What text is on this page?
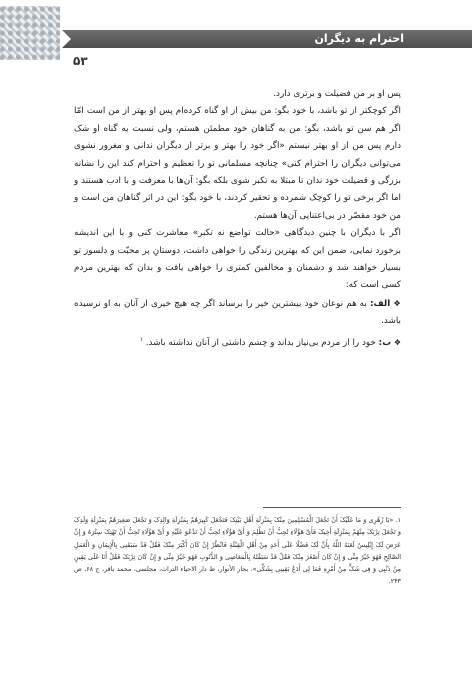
احترام به دیگران
۵۳

پس او بر من فضیلت و برتری دارد.

اگر کوچکتر از تو باشد، با خود بگو: من بیش از او گناه کرده‌ام پس او بهتر از من است امّا اگر هم سن تو باشد، بگو: من به گناهان خود مطمئن هستم، ولی نسبت به گناه او شک دارم پس من از او بهتر نیستم «اگر خود را بهتر و برتر از دیگران ندانی و مغرور نشوی می‌توانی دیگران را احترام کنی» چنانچه مسلمانی تو را تعظیم و احترام کند این را نشانه بزرگی و فضیلت خود ندان تا مبتلا به تکبر شوی بلکه بگو: آن‌ها با معرفت و با ادب هستند و اما اگر برخی تو را کوچک شمرده و تحقیر کردند، با خود بگو: این در اثر گناهان من است و من خود مقصّر در بی‌اعتنایی آن‌ها هستم.

اگر با دیگران با چنین دیدگاهی «حالت تواضع نه تکبر» معاشرت کنی و با این اندیشه برخورد نمایی، ضمن این که بهترین زندگی را خواهی داشت، دوستانِ پر محبّت و دلسوز تو بسیار خواهند شد و دشمنان و مخالفین کمتری را خواهی یافت و بدان که بهترین مردم کسی است که:

❖ الف: به هم نوعان خود بیشترین خیر را برساند اگر چه هیچ خیری از آنان به او نرسیده باشد.

❖ ب: خود را از مردم بی‌نیاز بداند و چشم داشتی از آنان نداشته باشد. $^۱$

۱. «یَا زُهْرِی وَ مَا عَلَیْکَ أَنْ تَجْعَلَ الْمُسْلِمِینَ مِنْکَ بِمَنْزِلَةِ أَهْلِ بَیْتِکَ فَتَجْعَلَ کَبِیرَهُمْ بِمَنْزِلَةِ وَالِدِکَ وَ تَجْعَلَ صَغِیرَهُمْ بِمَنْزِلَةِ وَلَدِکَ وَ تَجْعَلَ تِرْبَکَ مِنْهُمْ بِمَنْزِلَةِ أَخِیکَ فَأَیَّ هَؤُلَاءِ تُحِبُّ أَنْ تَظْلِمَ وَ أَیَّ هَؤُلَاءِ تُحِبُّ أَنْ تَدْعُوَ عَلَیْهِ وَ أَیَّ هَؤُلَاءِ تُحِبُّ أَنْ تَهْتِکَ سِتْرَهُ وَ إِنْ عَرَضَ لَکَ إِبْلِیسُ لَعَنَهُ اللَّهُ بِأَنَّ لَکَ فَضْلًا عَلَی أَحَدٍ مِنْ أَهْلِ الْقِبْلَةِ فَانْظُرْ إِنْ کَانَ أَکْبَرَ مِنْکَ فَقُلْ قَدْ سَبَقَنِی بِالْإِیمَانِ وَ الْعَمَلِ الصَّالِحِ فَهُوَ خَیْرٌ مِنِّی وَ إِنْ کَانَ أَصْغَرَ مِنْکَ فَقُلْ قَدْ سَبَقْتُهُ بِالْمَعَاصِی وَ الذُّنُوبِ فَهُوَ خَیْرٌ مِنِّی وَ إِنْ کَانَ تِرْبَکَ فَقُلْ أَنَا عَلَی یَقِینٍ مِنْ ذَنْبِی وَ فِی شَکٍّ مِنْ أَمْرِهِ فَمَا لِی أَدَعُ یَقِینِی بِشَکِّی». بحار الأنوار، ط دار الاحیاء التراث، مجلسی، محمد باقر، ج ۶۸، ص ۲۴۳.
